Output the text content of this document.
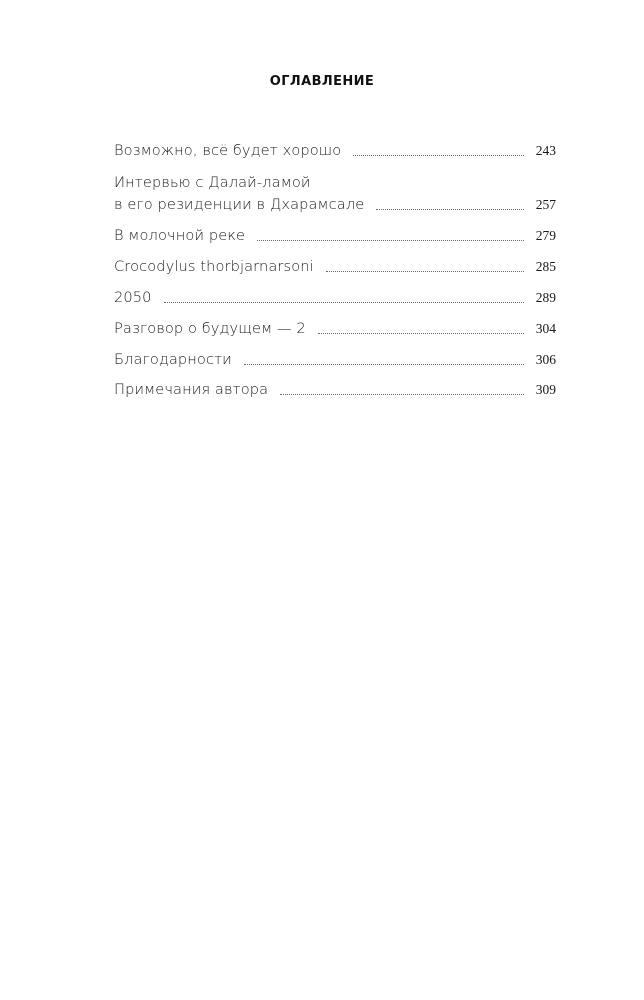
ОГЛАВЛЕНИЕ
Возможно, всё будет хорошо	243
Интервью с Далай-ламой
в его резиденции в Дхарамсале	257
В молочной реке	279
Crocodylus thorbjarnarsoni	285
2050	289
Разговор о будущем — 2	304
Благодарности	306
Примечания автора	309
